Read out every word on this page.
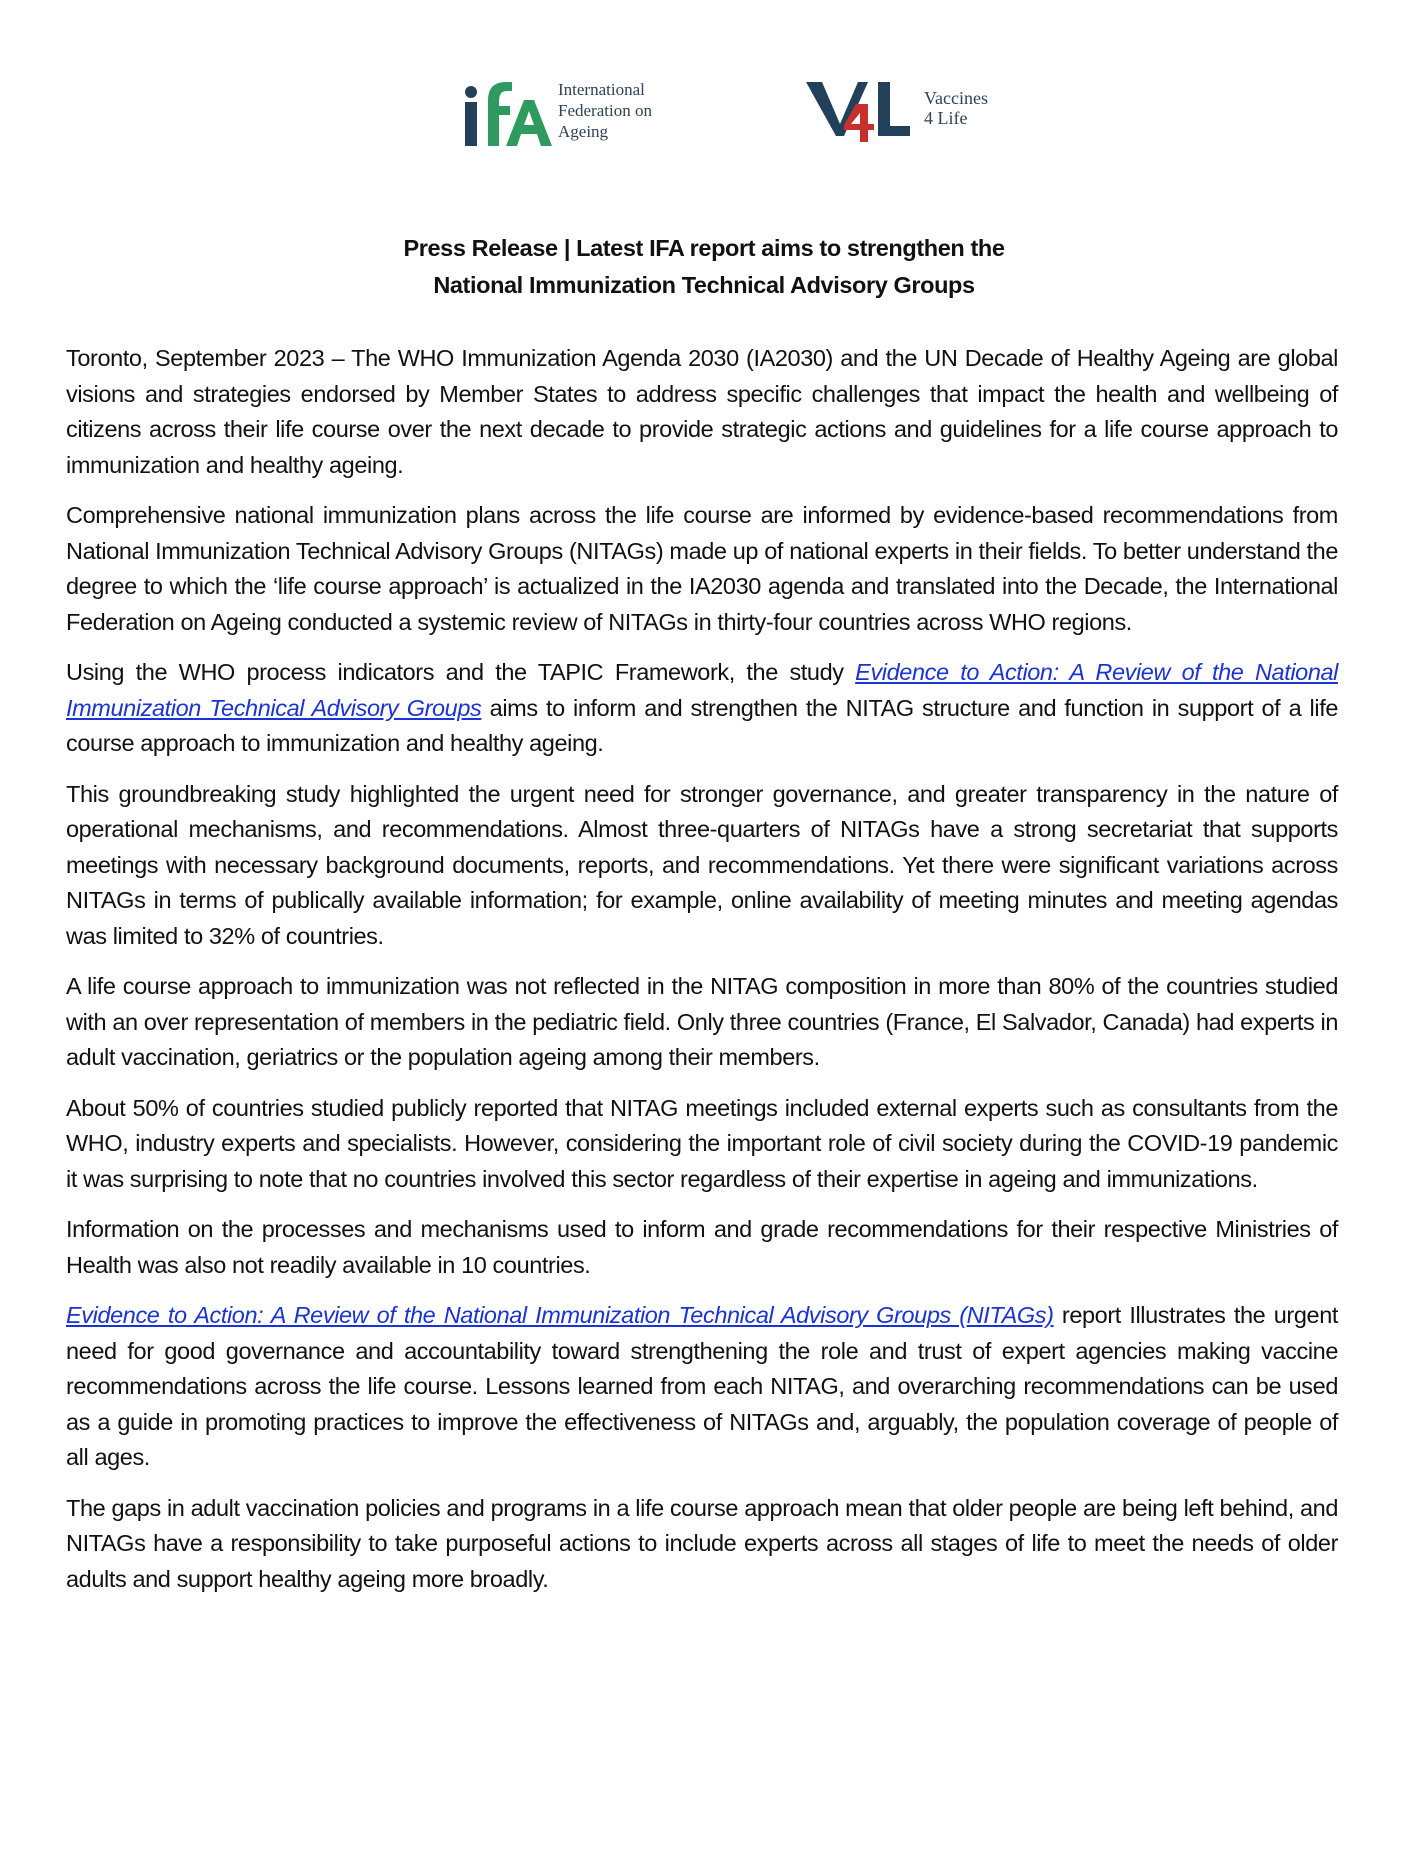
International
Federation on
Ageing
Vaccines
4 Life
Press Release | Latest IFA report aims to strengthen the
National Immunization Technical Advisory Groups

Toronto, September 2023 – The WHO Immunization Agenda 2030 (IA2030) and the UN Decade of Healthy Ageing are global visions and strategies endorsed by Member States to address specific challenges that impact the health and wellbeing of citizens across their life course over the next decade to provide strategic actions and guidelines for a life course approach to immunization and healthy ageing.

Comprehensive national immunization plans across the life course are informed by evidence-based recommendations from National Immunization Technical Advisory Groups (NITAGs) made up of national experts in their fields. To better understand the degree to which the ‘life course approach’ is actualized in the IA2030 agenda and translated into the Decade, the International Federation on Ageing conducted a systemic review of NITAGs in thirty-four countries across WHO regions.

Using the WHO process indicators and the TAPIC Framework, the study Evidence to Action: A Review of the National Immunization Technical Advisory Groups aims to inform and strengthen the NITAG structure and function in support of a life course approach to immunization and healthy ageing.

This groundbreaking study highlighted the urgent need for stronger governance, and greater transparency in the nature of operational mechanisms, and recommendations. Almost three-quarters of NITAGs have a strong secretariat that supports meetings with necessary background documents, reports, and recommendations. Yet there were significant variations across NITAGs in terms of publically available information; for example, online availability of meeting minutes and meeting agendas was limited to 32% of countries.

A life course approach to immunization was not reflected in the NITAG composition in more than 80% of the countries studied with an over representation of members in the pediatric field. Only three countries (France, El Salvador, Canada) had experts in adult vaccination, geriatrics or the population ageing among their members.

About 50% of countries studied publicly reported that NITAG meetings included external experts such as consultants from the WHO, industry experts and specialists. However, considering the important role of civil society during the COVID-19 pandemic it was surprising to note that no countries involved this sector regardless of their expertise in ageing and immunizations.

Information on the processes and mechanisms used to inform and grade recommendations for their respective Ministries of Health was also not readily available in 10 countries.

Evidence to Action: A Review of the National Immunization Technical Advisory Groups (NITAGs) report Illustrates the urgent need for good governance and accountability toward strengthening the role and trust of expert agencies making vaccine recommendations across the life course. Lessons learned from each NITAG, and overarching recommendations can be used as a guide in promoting practices to improve the effectiveness of NITAGs and, arguably, the population coverage of people of all ages.

The gaps in adult vaccination policies and programs in a life course approach mean that older people are being left behind, and NITAGs have a responsibility to take purposeful actions to include experts across all stages of life to meet the needs of older adults and support healthy ageing more broadly.
